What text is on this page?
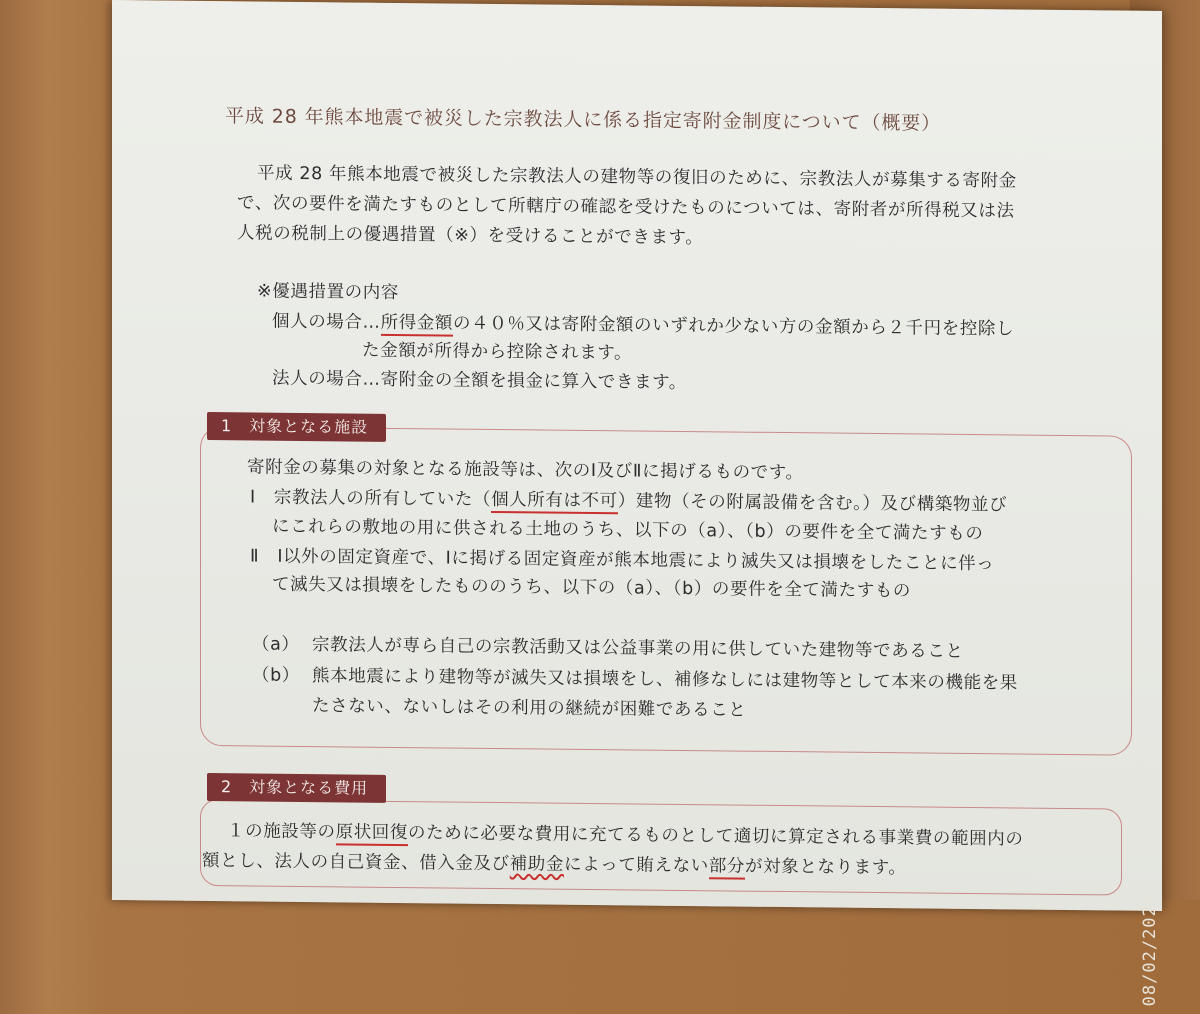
平成 28 年熊本地震で被災した宗教法人に係る指定寄附金制度について（概要）
平成 28 年熊本地震で被災した宗教法人の建物等の復旧のために、宗教法人が募集する寄附金
で、次の要件を満たすものとして所轄庁の確認を受けたものについては、寄附者が所得税又は法
人税の税制上の優遇措置（※）を受けることができます。
※優遇措置の内容
個人の場合…所得金額の４０％又は寄附金額のいずれか少ない方の金額から２千円を控除し
た金額が所得から控除されます。
法人の場合…寄附金の全額を損金に算入できます。
1　対象となる施設
寄附金の募集の対象となる施設等は、次のⅠ及びⅡに掲げるものです。
Ⅰ　宗教法人の所有していた（個人所有は不可）建物（その附属設備を含む。）及び構築物並び
にこれらの敷地の用に供される土地のうち、以下の（a）、（b）の要件を全て満たすもの
Ⅱ　Ⅰ以外の固定資産で、Ⅰに掲げる固定資産が熊本地震により滅失又は損壊をしたことに伴っ
て滅失又は損壊をしたもののうち、以下の（a）、（b）の要件を全て満たすもの
（a） 宗教法人が専ら自己の宗教活動又は公益事業の用に供していた建物等であること
（b） 熊本地震により建物等が滅失又は損壊をし、補修なしには建物等として本来の機能を果
たさない、ないしはその利用の継続が困難であること
2　対象となる費用
１の施設等の原状回復のために必要な費用に充てるものとして適切に算定される事業費の範囲内の
額とし、法人の自己資金、借入金及び補助金によって賄えない部分が対象となります。
08/02/2024
